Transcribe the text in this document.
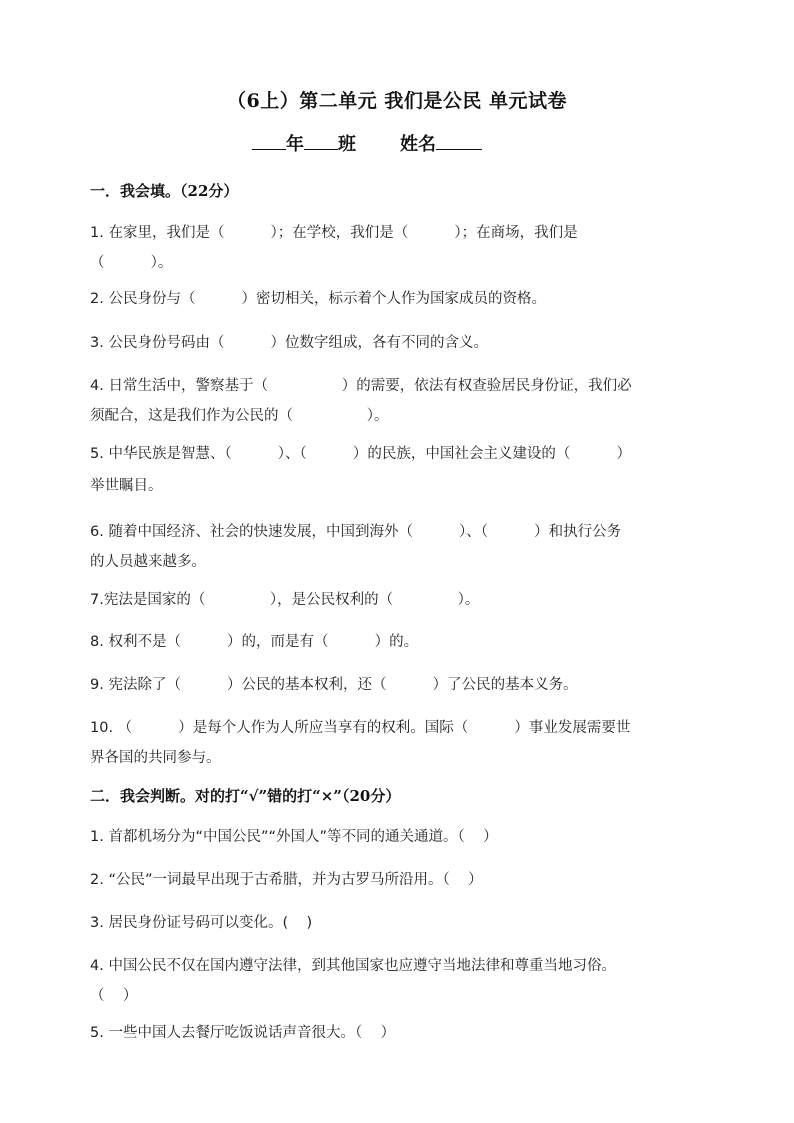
（6上）第二单元 我们是公民 单元试卷
年 班 姓名
一．我会填。（22分）
1. 在家里，我们是（          ）；在学校，我们是（          ）；在商场，我们是
（          ）。
2. 公民身份与（          ）密切相关，标示着个人作为国家成员的资格。
3. 公民身份号码由（          ）位数字组成，各有不同的含义。
4. 日常生活中，警察基于（                ）的需要，依法有权查验居民身份证，我们必
须配合，这是我们作为公民的（                ）。
5. 中华民族是智慧、（          ）、（          ）的民族，中国社会主义建设的（          ）
举世瞩目。
6. 随着中国经济、社会的快速发展，中国到海外（          ）、（          ）和执行公务
的人员越来越多。
7.宪法是国家的（              ），是公民权利的（              ）。
8. 权利不是（          ）的，而是有（          ）的。
9. 宪法除了（          ）公民的基本权利，还（          ）了公民的基本义务。
10. （          ）是每个人作为人所应当享有的权利。国际（          ）事业发展需要世
界各国的共同参与。
二．我会判断。对的打“√”错的打“×”（20分）
1. 首都机场分为“中国公民”“外国人”等不同的通关通道。（    ）
2. “公民”一词最早出现于古希腊，并为古罗马所沿用。（    ）
3. 居民身份证号码可以变化。(    )
4. 中国公民不仅在国内遵守法律，到其他国家也应遵守当地法律和尊重当地习俗。
（    ）
5. 一些中国人去餐厅吃饭说话声音很大。（    ）
